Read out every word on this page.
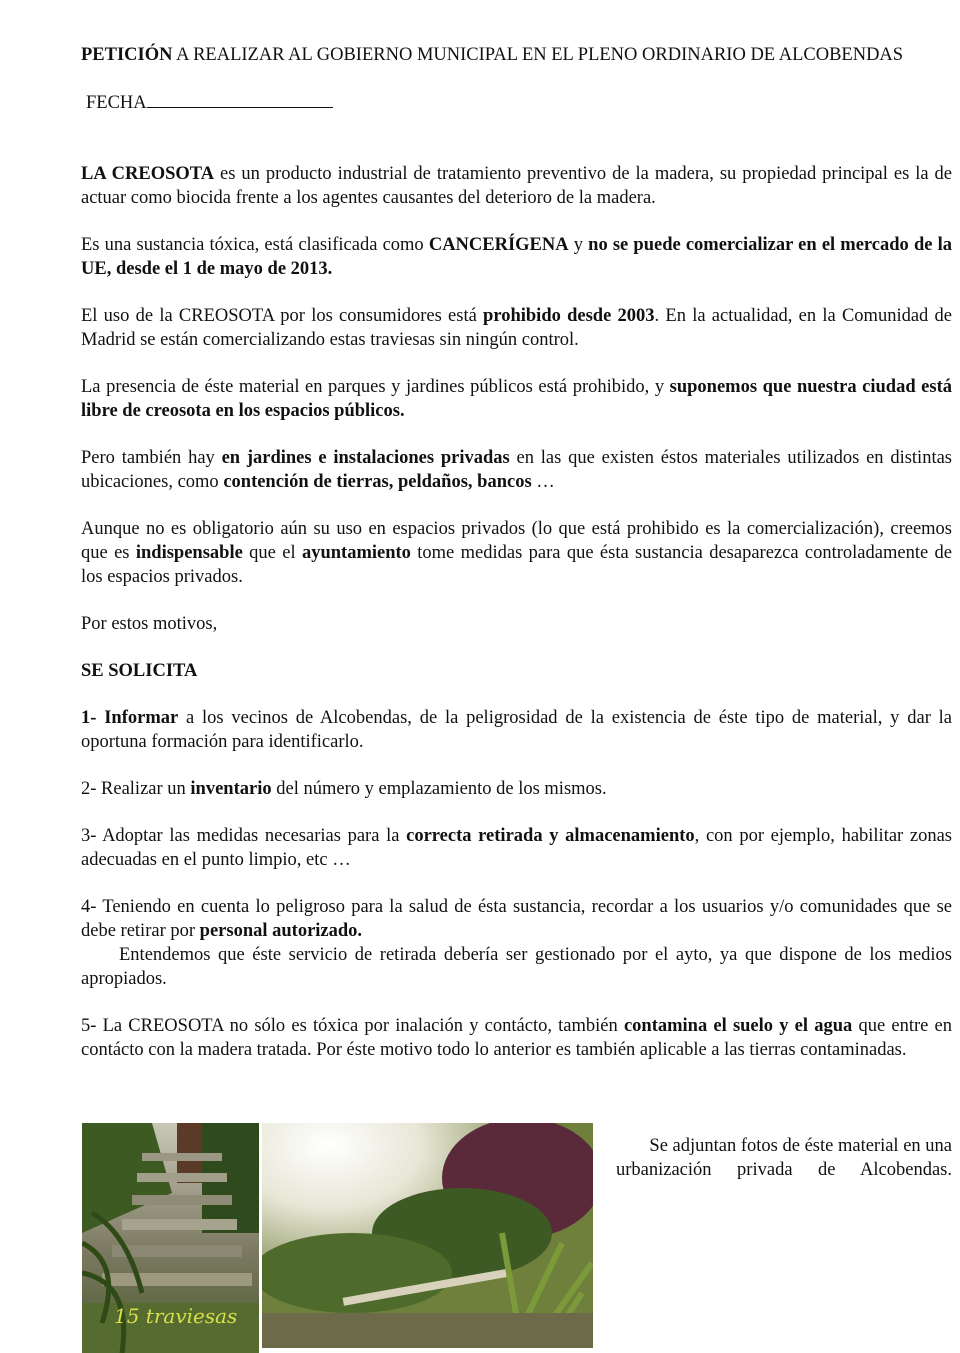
PETICIÓN A REALIZAR AL GOBIERNO MUNICIPAL EN EL PLENO ORDINARIO DE ALCOBENDAS

FECHA

LA CREOSOTA es un producto industrial de tratamiento preventivo de la madera, su propiedad principal es la de actuar como biocida frente a los agentes causantes del deterioro de la madera.

Es una sustancia tóxica, está clasificada como CANCERÍGENA y no se puede comercializar en el mercado de la UE, desde el 1 de mayo de 2013.

El uso de la CREOSOTA por los consumidores está prohibido desde 2003. En la actualidad, en la Comunidad de Madrid se están comercializando estas traviesas sin ningún control.

La presencia de éste material en parques y jardines públicos está prohibido, y suponemos que nuestra ciudad está libre de creosota en los espacios públicos.

Pero también hay en jardines e instalaciones privadas en las que existen éstos materiales utilizados en distintas ubicaciones, como contención de tierras, peldaños, bancos …

Aunque no es obligatorio aún su uso en espacios privados (lo que está prohibido es la comercialización), creemos que es indispensable que el ayuntamiento tome medidas para que ésta sustancia desaparezca controladamente de los espacios privados.

Por estos motivos,

SE SOLICITA

1- Informar a los vecinos de Alcobendas, de la peligrosidad de la existencia de éste tipo de material, y dar la oportuna formación para identificarlo.

2- Realizar un inventario del número y emplazamiento de los mismos.

3- Adoptar las medidas necesarias para la correcta retirada y almacenamiento, con por ejemplo, habilitar zonas adecuadas en el punto limpio, etc …

4- Teniendo en cuenta lo peligroso para la salud de ésta sustancia, recordar a los usuarios y/o comunidades que se debe retirar por personal autorizado.

Entendemos que éste servicio de retirada debería ser gestionado por el ayto, ya que dispone de los medios apropiados.

5- La CREOSOTA no sólo es tóxica por inalación y contácto, también contamina el suelo y el agua que entre en contácto con la madera tratada. Por éste motivo todo lo anterior es también aplicable a las tierras contaminadas.

15 traviesas
Se adjuntan fotos de éste material en una
urbanización privada de Alcobendas.
